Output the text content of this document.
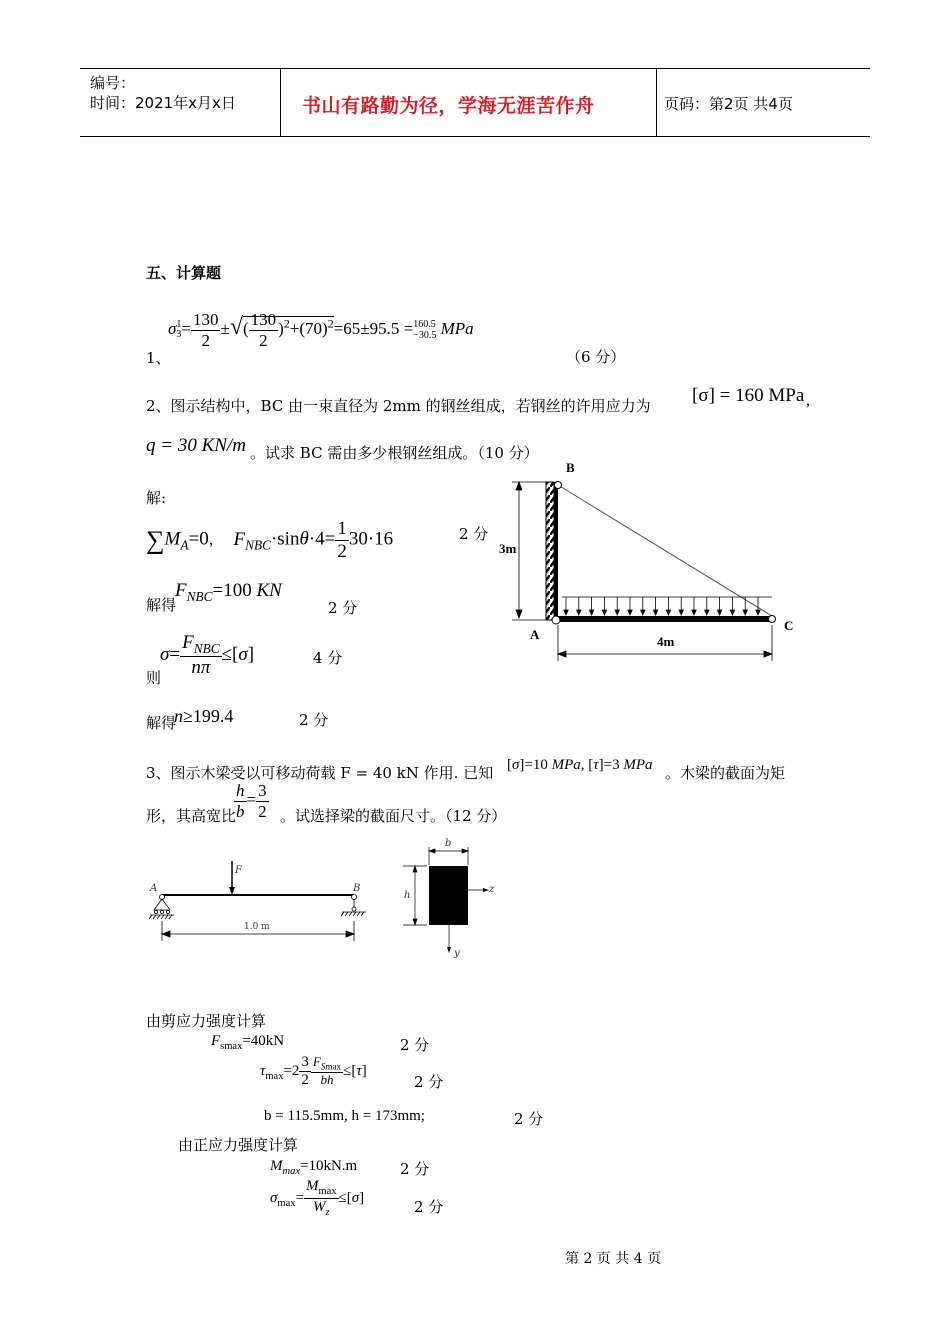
编号：
时间：2021年x月x日	书山有路勤为径，学海无涯苦作舟	页码：第2页 共4页
五、计算题
1、
σ 1
$3 = \frac{130}{2}$ ±√( $\frac{130}{2} )^2+(70)^2=65\pm 95.5 = 160.5$
−30.5 MPa
（6 分）
2、图示结构中，BC 由一束直径为 2mm 的钢丝组成，若钢丝的许用应力为 [σ] = 160 MPa ,
q = 30 KN/m 。试求 BC 需由多少根钢丝组成。（10 分）
解:
$\sum M_A=0$， $F_{NBC}\cdot\sin\theta\cdot 4= \frac{1}{2} 30\cdot 16$	2 分
解得
$F_{NBC}=100$ KN
2 分
则
$\sigma= \frac{F_{NBC}}{n\pi} \le[\sigma]$	4 分
解得
n≥199.4	2 分
B
A
C
3m
4m
3、图示木梁受以可移动荷载 F = 40 kN 作用. 已知 [σ]=10 MPa, [τ]=3 MPa 。木梁的截面为矩
形，其高宽比
$\frac{h}{b} = \frac{3}{2}$ 。试选择梁的截面尺寸。（12 分）
A	B
F
1.0 m
b
h
z
y
由剪应力强度计算
$F_{smax}=40kN$	2 分
$\tau_{max}=2 \frac{3}{2} \frac{F_{Smax}}{bh} \le[\tau]$
2 分
b = 115.5mm, h = 173mm;	2 分
由正应力强度计算
$M_{max}=10kN.m$	2 分
$\sigma_{max}= \frac{M_{max}}{W_z} \le[\sigma]$	2 分
第 2 页 共 4 页
